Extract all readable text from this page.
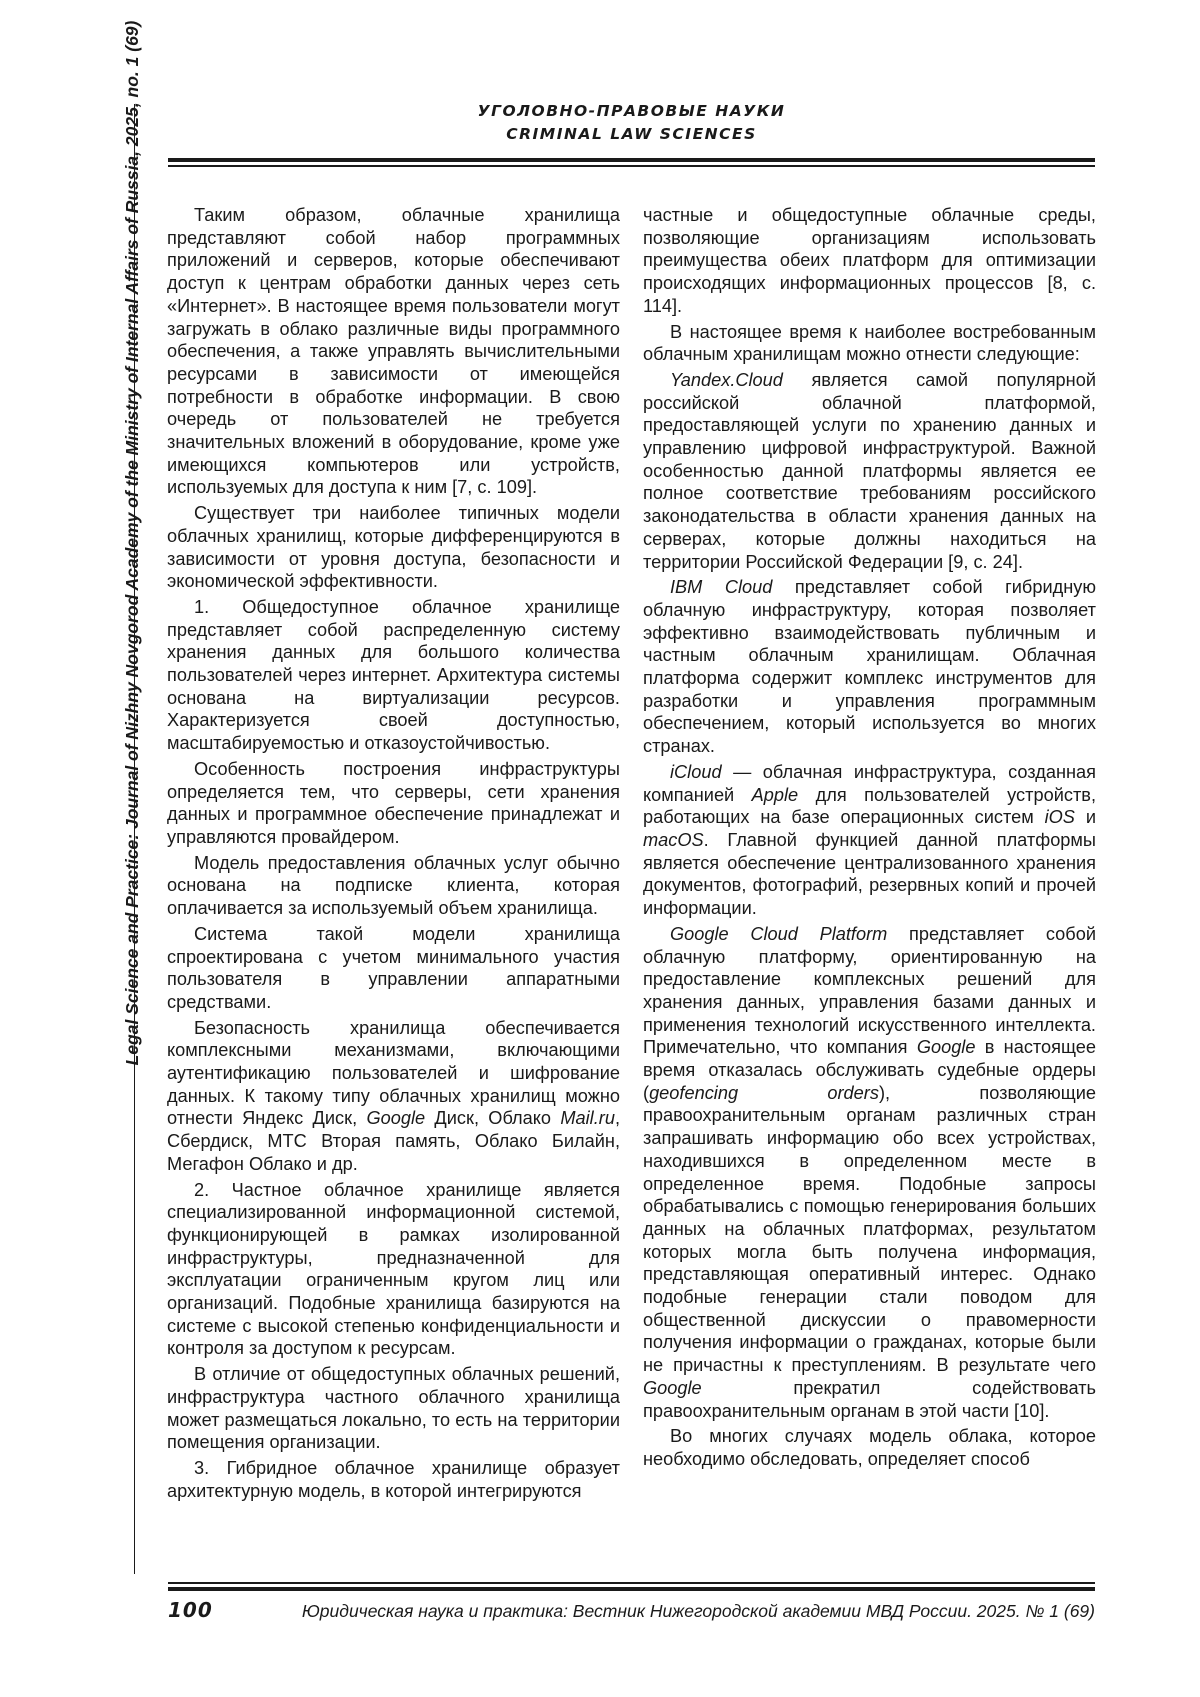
Legal Science and Practice: Journal of Nizhny Novgorod Academy of the Ministry of Internal Affairs of Russia, 2025, no. 1 (69)	УГОЛОВНО-ПРАВОВЫЕ НАУКИ
CRIMINAL LAW SCIENCES

Таким образом, облачные хранилища представляют собой набор программных приложений и серверов, которые обеспечивают доступ к центрам обработки данных через сеть «Интернет». В настоящее время пользователи могут загружать в облако различные виды программного обеспечения, а также управлять вычислительными ресурсами в зависимости от имеющейся потребности в обработке информации. В свою очередь от пользователей не требуется значительных вложений в оборудование, кроме уже имеющихся компьютеров или устройств, используемых для доступа к ним [7, с. 109].

Существует три наиболее типичных модели облачных хранилищ, которые дифференцируются в зависимости от уровня доступа, безопасности и экономической эффективности.

1. Общедоступное облачное хранилище представляет собой распределенную систему хранения данных для большого количества пользователей через интернет. Архитектура системы основана на виртуализации ресурсов. Характеризуется своей доступностью, масштабируемостью и отказоустойчивостью.

Особенность построения инфраструктуры определяется тем, что серверы, сети хранения данных и программное обеспечение принадлежат и управляются провайдером.

Модель предоставления облачных услуг обычно основана на подписке клиента, которая оплачивается за используемый объем хранилища.

Система такой модели хранилища спроектирована с учетом минимального участия пользователя в управлении аппаратными средствами.

Безопасность хранилища обеспечивается комплексными механизмами, включающими аутентификацию пользователей и шифрование данных. К такому типу облачных хранилищ можно отнести Яндекс Диск, Google Диск, Облако Mail.ru, Сбердиск, МТС Вторая память, Облако Билайн, Мегафон Облако и др.

2. Частное облачное хранилище является специализированной информационной системой, функционирующей в рамках изолированной инфраструктуры, предназначенной для эксплуатации ограниченным кругом лиц или организаций. Подобные хранилища базируются на системе с высокой степенью конфиденциальности и контроля за доступом к ресурсам.

В отличие от общедоступных облачных решений, инфраструктура частного облачного хранилища может размещаться локально, то есть на территории помещения организации.

3. Гибридное облачное хранилище образует архитектурную модель, в которой интегрируются

частные и общедоступные облачные среды, позволяющие организациям использовать преимущества обеих платформ для оптимизации происходящих информационных процессов [8, с. 114].

В настоящее время к наиболее востребованным облачным хранилищам можно отнести следующие:

Yandex.Cloud является самой популярной российской облачной платформой, предоставляющей услуги по хранению данных и управлению цифровой инфраструктурой. Важной особенностью данной платформы является ее полное соответствие требованиям российского законодательства в области хранения данных на серверах, которые должны находиться на территории Российской Федерации [9, с. 24].

IBM Cloud представляет собой гибридную облачную инфраструктуру, которая позволяет эффективно взаимодействовать публичным и частным облачным хранилищам. Облачная платформа содержит комплекс инструментов для разработки и управления программным обеспечением, который используется во многих странах.

iCloud — облачная инфраструктура, созданная компанией Apple для пользователей устройств, работающих на базе операционных систем iOS и macOS. Главной функцией данной платформы является обеспечение централизованного хранения документов, фотографий, резервных копий и прочей информации.

Google Cloud Platform представляет собой облачную платформу, ориентированную на предоставление комплексных решений для хранения данных, управления базами данных и применения технологий искусственного интеллекта. Примечательно, что компания Google в настоящее время отказалась обслуживать судебные ордеры (geofencing orders), позволяющие правоохранительным органам различных стран запрашивать информацию обо всех устройствах, находившихся в определенном месте в определенное время. Подобные запросы обрабатывались с помощью генерирования больших данных на облачных платформах, результатом которых могла быть получена информация, представляющая оперативный интерес. Однако подобные генерации стали поводом для общественной дискуссии о правомерности получения информации о гражданах, которые были не причастны к преступлениям. В результате чего Google прекратил содействовать правоохранительным органам в этой части [10].

Во многих случаях модель облака, которое необходимо обследовать, определяет способ

100	Юридическая наука и практика: Вестник Нижегородской академии МВД России. 2025. № 1 (69)
